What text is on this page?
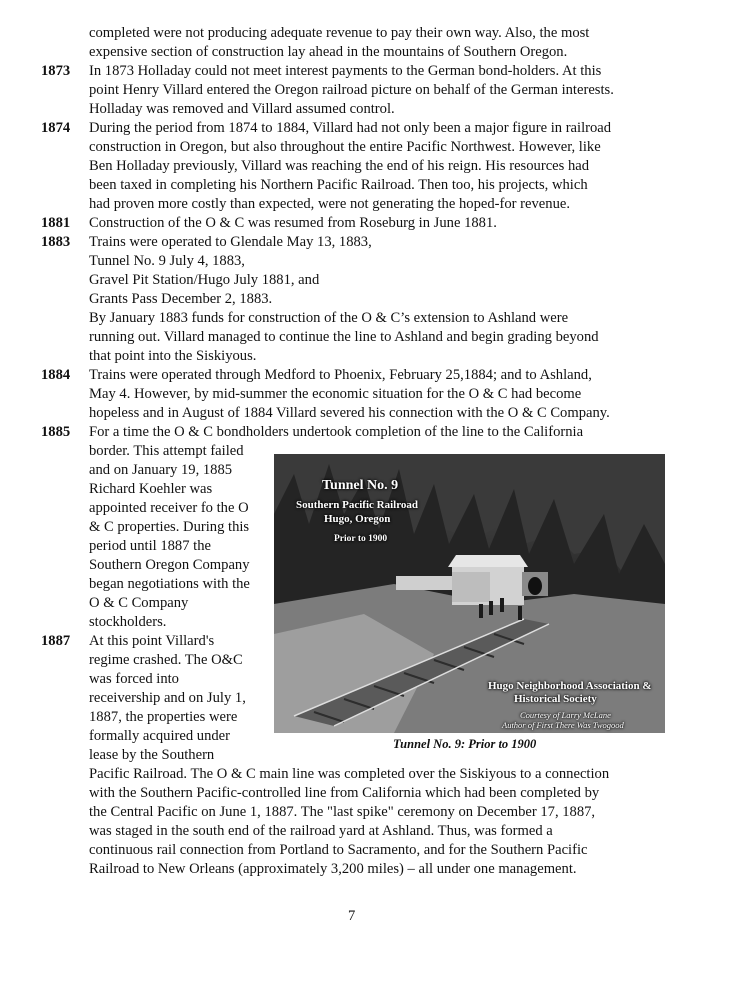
completed were not producing adequate revenue to pay their own way. Also, the most
expensive section of construction lay ahead in the mountains of Southern Oregon.
1873 In 1873 Holladay could not meet interest payments to the German bond-holders. At this
point Henry Villard entered the Oregon railroad picture on behalf of the German interests.
Holladay was removed and Villard assumed control.
1874 During the period from 1874 to 1884, Villard had not only been a major figure in railroad
construction in Oregon, but also throughout the entire Pacific Northwest. However, like
Ben Holladay previously, Villard was reaching the end of his reign. His resources had
been taxed in completing his Northern Pacific Railroad. Then too, his projects, which
had proven more costly than expected, were not generating the hoped-for revenue.
1881 Construction of the O & C was resumed from Roseburg in June 1881.
1883 Trains were operated to Glendale May 13, 1883,
Tunnel No. 9 July 4, 1883,
Gravel Pit Station/Hugo July 1881, and
Grants Pass December 2, 1883.
By January 1883 funds for construction of the O & C’s extension to Ashland were
running out. Villard managed to continue the line to Ashland and begin grading beyond
that point into the Siskiyous.
1884 Trains were operated through Medford to Phoenix, February 25,1884; and to Ashland,
May 4. However, by mid-summer the economic situation for the O & C had become
hopeless and in August of 1884 Villard severed his connection with the O & C Company.
1885 For a time the O & C bondholders undertook completion of the line to the California
border. This attempt failed
and on January 19, 1885
Richard Koehler was
appointed receiver fo the O
& C properties. During this
period until 1887 the
Southern Oregon Company
began negotiations with the
O & C Company
stockholders.
1887 At this point Villard's
regime crashed. The O&C
was forced into
receivership and on July 1,
1887, the properties were
formally acquired under
lease by the Southern
Pacific Railroad. The O & C main line was completed over the Siskiyous to a connection
with the Southern Pacific-controlled line from California which had been completed by
the Central Pacific on June 1, 1887. The "last spike" ceremony on December 17, 1887,
was staged in the south end of the railroad yard at Ashland. Thus, was formed a
continuous rail connection from Portland to Sacramento, and for the Southern Pacific
Railroad to New Orleans (approximately 3,200 miles) – all under one management.
Tunnel No. 9
Southern Pacific Railroad
Hugo, Oregon
Prior to 1900
Hugo Neighborhood Association &
Historical Society
Courtesy of Larry McLane
Author of First There Was Twogood
Tunnel No. 9: Prior to 1900
7
